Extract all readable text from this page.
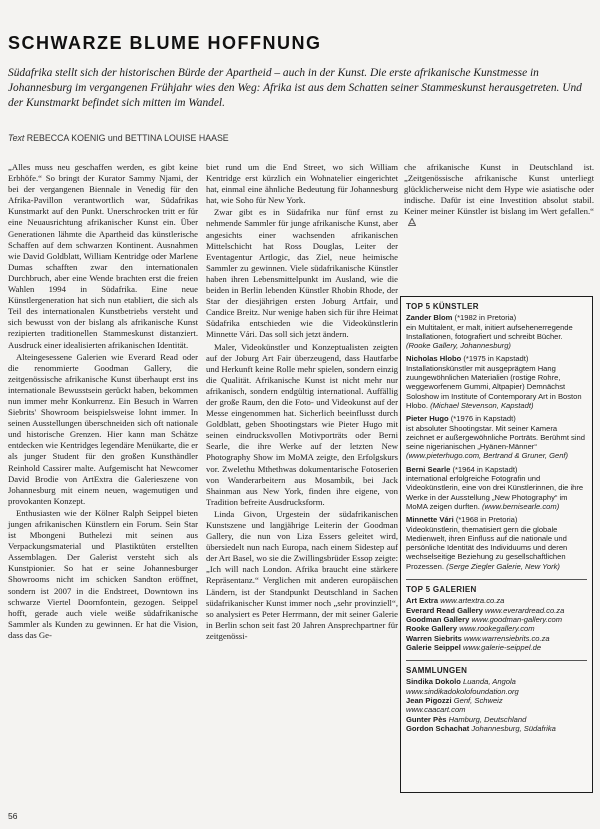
SCHWARZE BLUME HOFFNUNG

Südafrika stellt sich der historischen Bürde der Apartheid – auch in der Kunst. Die erste afrikanische Kunstmesse in Johannesburg im vergangenen Frühjahr wies den Weg: Afrika ist aus dem Schatten seiner Stammeskunst herausgetreten. Und der Kunstmarkt befindet sich mitten im Wandel.

Text REBECCA KOENIG und BETTINA LOUISE HAASE

„Alles muss neu geschaffen werden, es gibt keine Erbhöfe.“ So bringt der Kurator Sammy Njami, der bei der vergangenen Biennale in Venedig für den Afrika-Pavillon verantwortlich war, Südafrikas Kunstmarkt auf den Punkt. Unerschrocken tritt er für eine Neuausrichtung afrikanischer Kunst ein. Über Generationen lähmte die Apartheid das künstlerische Schaffen auf dem schwarzen Kontinent. Ausnahmen wie David Goldblatt, William Kentridge oder Marlene Dumas schafften zwar den internationalen Durchbruch, aber eine Wende brachten erst die freien Wahlen 1994 in Südafrika. Eine neue Künstlergeneration hat sich nun etabliert, die sich als Teil des internationalen Kunstbetriebs versteht und sich bewusst von der bislang als afrikanische Kunst rezipierten traditionellen Stammeskunst distanziert. Ausdruck einer idealisierten afrikanischen Identität.

Alteingesessene Galerien wie Everard Read oder die renommierte Goodman Gallery, die zeitgenössische afrikanische Kunst überhaupt erst ins internationale Bewusstsein gerückt haben, bekommen nun immer mehr Konkurrenz. Ein Besuch in Warren Siebrits' Showroom beispielsweise lohnt immer. In seinen Ausstellungen überschneiden sich oft nationale und historische Grenzen. Hier kann man Schätze entdecken wie Kentridges legendäre Menükarte, die er als junger Student für den großen Kunsthändler Reinhold Cassirer malte. Aufgemischt hat Newcomer David Brodie von ArtExtra die Galerieszene von Johannesburg mit einem neuen, wagemutigen und provokanten Konzept.

Enthusiasten wie der Kölner Ralph Seippel bieten jungen afrikanischen Künstlern ein Forum. Sein Star ist Mbongeni Buthelezi mit seinen aus Verpackungsmaterial und Plastiktüten erstellten Assemblagen. Der Galerist versteht sich als Kunstpionier. So hat er seine Johannesburger Showrooms nicht im schicken Sandton eröffnet, sondern ist 2007 in die Endstreet, Downtown ins schwarze Viertel Doornfontein, gezogen. Seippel hofft, gerade auch viele weiße südafrikanische Sammler als Kunden zu gewinnen. Er hat die Vision, dass das Ge-

biet rund um die End Street, wo sich William Kentridge erst kürzlich ein Wohnatelier eingerichtet hat, einmal eine ähnliche Bedeutung für Johannesburg hat, wie Soho für New York.

Zwar gibt es in Südafrika nur fünf ernst zu nehmende Sammler für junge afrikanische Kunst, aber angesichts einer wachsenden afrikanischen Mittelschicht hat Ross Douglas, Leiter der Eventagentur Artlogic, das Ziel, neue heimische Sammler zu gewinnen. Viele südafrikanische Künstler haben ihren Lebensmittelpunkt im Ausland, wie die beiden in Berlin lebenden Künstler Rhobin Rhode, der Star der diesjährigen ersten Joburg Artfair, und Candice Breitz. Nur wenige haben sich für ihre Heimat Südafrika entschieden wie die Videokünstlerin Minnette Vári. Das soll sich jetzt ändern.

Maler, Videokünstler und Konzeptualisten zeigten auf der Joburg Art Fair überzeugend, dass Hautfarbe und Herkunft keine Rolle mehr spielen, sondern einzig die Qualität. Afrikanische Kunst ist nicht mehr nur afrikanisch, sondern endgültig international. Auffällig der große Raum, den die Foto- und Videokunst auf der Messe eingenommen hat. Sicherlich beeinflusst durch Goldblatt, geben Shootingstars wie Pieter Hugo mit seinen eindrucksvollen Motivporträts oder Berni Searle, die ihre Werke auf der letzten New Photography Show im MoMA zeigte, den Erfolgskurs vor. Zwelethu Mthethwas dokumentarische Fotoserien von Wanderarbeitern aus Mosambik, bei Jack Shainman aus New York, finden ihre eigene, von Tradition befreite Ausdrucksform.

Linda Givon, Urgestein der südafrikanischen Kunstszene und langjährige Leiterin der Goodman Gallery, die nun von Liza Essers geleitet wird, übersiedelt nun nach Europa, nach einem Sidestep auf der Art Basel, wo sie die Zwillingsbrüder Essop zeigte: „Ich will nach London. Afrika braucht eine stärkere Repräsentanz.“ Verglichen mit anderen europäischen Ländern, ist der Standpunkt Deutschland in Sachen südafrikanischer Kunst immer noch „sehr provinziell“, so analysiert es Peter Herrmann, der mit seiner Galerie in Berlin schon seit fast 20 Jahren Ansprechpartner für zeitgenössi-

che afrikanische Kunst in Deutschland ist. „Zeitgenössische afrikanische Kunst unterliegt glücklicherweise nicht dem Hype wie asiatische oder indische. Dafür ist eine Investition absolut stabil. Keiner meiner Künstler ist bislang im Wert gefallen.“

TOP 5 KÜNSTLER

Zander Blom (*1982 in Pretoria)
ein Multitalent, er malt, initiert aufsehenerregende Installationen, fotografiert und schreibt Bücher. (Rooke Gallery, Johannesburg)

Nicholas Hlobo (*1975 in Kapstadt)
Installationskünstler mit ausgeprägtem Hang zuungewöhnlichen Materialien (rostige Rohre, weggeworfenem Gummi, Altpapier) Demnächst Soloshow im Institute of Contemporary Art in Boston Hlobo. (Michael Stevenson, Kapstadt)

Pieter Hugo (*1976 in Kapstadt)
ist absoluter Shootingstar. Mit seiner Kamera zeichnet er außergewöhnliche Porträts. Berühmt sind seine nigerianischen „Hyänen-Männer“ (www.pieterhugo.com, Bertrand & Gruner, Genf)

Berni Searle (*1964 in Kapstadt)
international erfolgreiche Fotografin und Videokünstlerin, eine von drei Künstlerinnen, die ihre Werke in der Ausstellung „New Photography“ im MoMA zeigen durften. (www.bernisearle.com)

Minnette Vári (*1968 in Pretoria)
Videokünstlerin, thematisiert gern die globale Medienwelt, ihren Einfluss auf die nationale und persönliche Identität des Individuums und deren wechselseitige Beziehung zu gesellschaftlichen Prozessen. (Serge Ziegler Galerie, New York)

TOP 5 GALERIEN

Art Extra www.artextra.co.za

Everard Read Gallery www.everardread.co.za

Goodman Gallery www.goodman-gallery.com

Rooke Gallery www.rookegallery.com

Warren Siebrits www.warrensiebrits.co.za

Galerie Seippel www.galerie-seippel.de

SAMMLUNGEN

Sindika Dokolo Luanda, Angola

www.sindikadokolofoundation.org

Jean Pigozzi Genf, Schweiz

www.caacart.com

Gunter Pès Hamburg, Deutschland

Gordon Schachat Johannesburg, Südafrika

56
